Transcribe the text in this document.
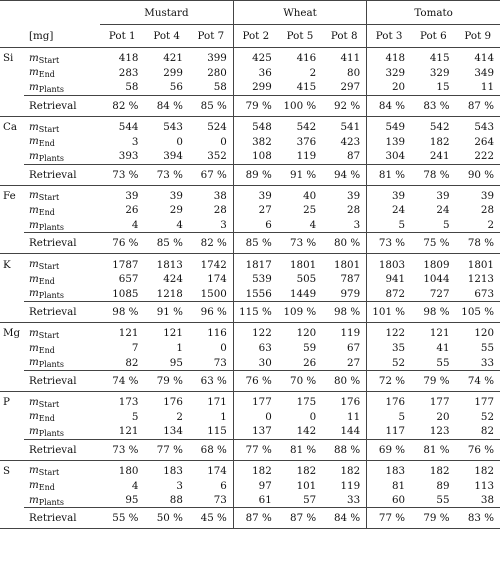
		Mustard			Wheat			Tomato		
	[mg]	Pot 1	Pot 4	Pot 7	Pot 2	Pot 5	Pot 8	Pot 3	Pot 6	Pot 9
Si	$m_{Start}$	418	421	399	425	416	411	418	415	414
	$m_{End}$	283	299	280	36	2	80	329	329	349
	$m_{Plants}$	58	56	58	299	415	297	20	15	11
	Retrieval	82 %	84 %	85 %	79 %	100 %	92 %	84 %	83 %	87 %
Ca	$m_{Start}$	544	543	524	548	542	541	549	542	543
	$m_{End}$	3	0	0	382	376	423	139	182	264
	$m_{Plants}$	393	394	352	108	119	87	304	241	222
	Retrieval	73 %	73 %	67 %	89 %	91 %	94 %	81 %	78 %	90 %
Fe	$m_{Start}$	39	39	38	39	40	39	39	39	39
	$m_{End}$	26	29	28	27	25	28	24	24	28
	$m_{Plants}$	4	4	3	6	4	3	5	5	2
	Retrieval	76 %	85 %	82 %	85 %	73 %	80 %	73 %	75 %	78 %
K	$m_{Start}$	1787	1813	1742	1817	1801	1801	1803	1809	1801
	$m_{End}$	657	424	174	539	505	787	941	1044	1213
	$m_{Plants}$	1085	1218	1500	1556	1449	979	872	727	673
	Retrieval	98 %	91 %	96 %	115 %	109 %	98 %	101 %	98 %	105 %
Mg	$m_{Start}$	121	121	116	122	120	119	122	121	120
	$m_{End}$	7	1	0	63	59	67	35	41	55
	$m_{Plants}$	82	95	73	30	26	27	52	55	33
	Retrieval	74 %	79 %	63 %	76 %	70 %	80 %	72 %	79 %	74 %
P	$m_{Start}$	173	176	171	177	175	176	176	177	177
	$m_{End}$	5	2	1	0	0	11	5	20	52
	$m_{Plants}$	121	134	115	137	142	144	117	123	82
	Retrieval	73 %	77 %	68 %	77 %	81 %	88 %	69 %	81 %	76 %
S	$m_{Start}$	180	183	174	182	182	182	183	182	182
	$m_{End}$	4	3	6	97	101	119	81	89	113
	$m_{Plants}$	95	88	73	61	57	33	60	55	38
	Retrieval	55 %	50 %	45 %	87 %	87 %	84 %	77 %	79 %	83 %
